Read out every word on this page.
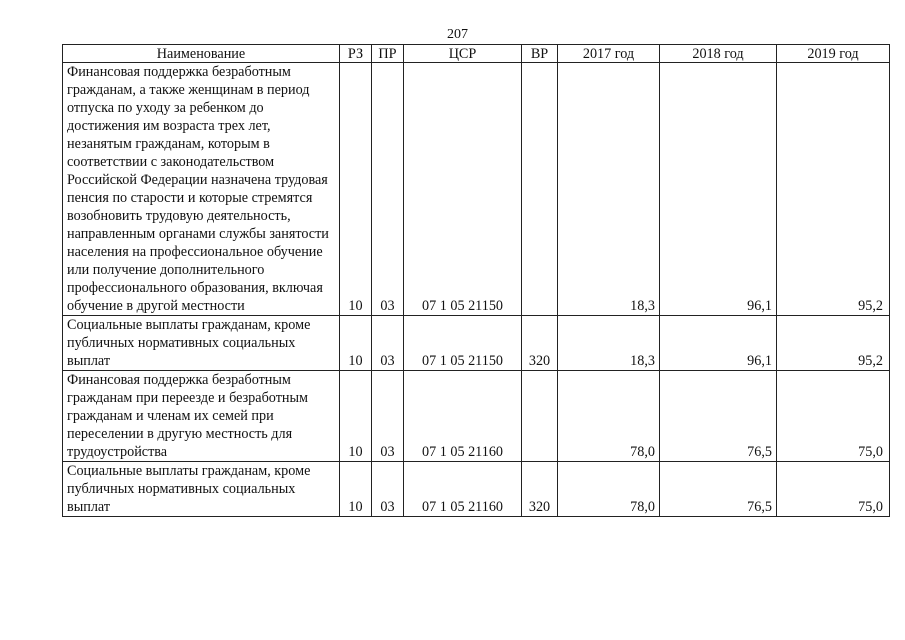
207
Наименование	РЗ	ПР	ЦСР	ВР	2017 год	2018 год	2019 год
Финансовая поддержка безработным гражданам, а также женщинам в период отпуска по уходу за ребенком до достижения им возраста трех лет, незанятым гражданам, которым в соответствии с законодательством Российской Федерации назначена трудовая пенсия по старости и которые стремятся возобновить трудовую деятельность, направленным органами службы занятости населения на профессиональное обучение или получение дополнительного профессионального образования, включая обучение в другой местности	10	03	07 1 05 21150		18,3	96,1	95,2
Социальные выплаты гражданам, кроме публичных нормативных социальных выплат	10	03	07 1 05 21150	320	18,3	96,1	95,2
Финансовая поддержка безработным гражданам при переезде и безработным гражданам и членам их семей при переселении в другую местность для трудоустройства	10	03	07 1 05 21160		78,0	76,5	75,0
Социальные выплаты гражданам, кроме публичных нормативных социальных выплат	10	03	07 1 05 21160	320	78,0	76,5	75,0
